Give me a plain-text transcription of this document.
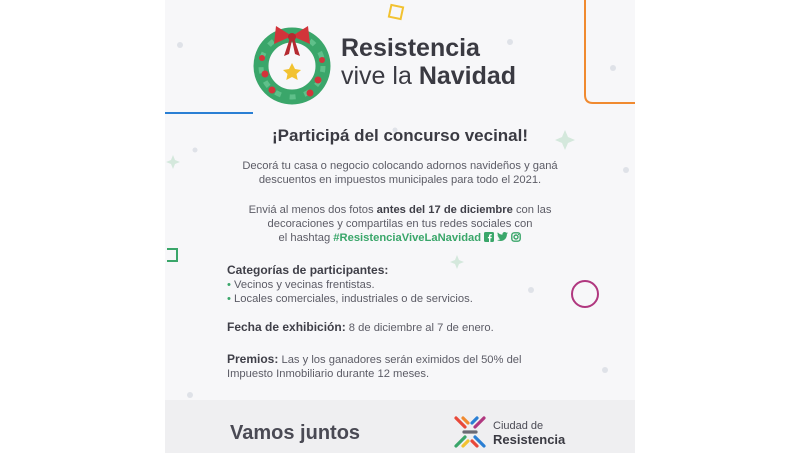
Resistencia
vive la Navidad
¡Participá del concurso vecinal!
Decorá tu casa o negocio colocando adornos navideños y ganá
descuentos en impuestos municipales para todo el 2021.
Enviá al menos dos fotos antes del 17 de diciembre con las
decoraciones y compartilas en tus redes sociales con
el hashtag #ResistenciaViveLaNavidad
Categorías de participantes:
• Vecinos y vecinas frentistas.
• Locales comerciales, industriales o de servicios.
Fecha de exhibición: 8 de diciembre al 7 de enero.
Premios: Las y los ganadores serán eximidos del 50% del
Impuesto Inmobiliario durante 12 meses.
Vamos juntos	Ciudad de
Resistencia
